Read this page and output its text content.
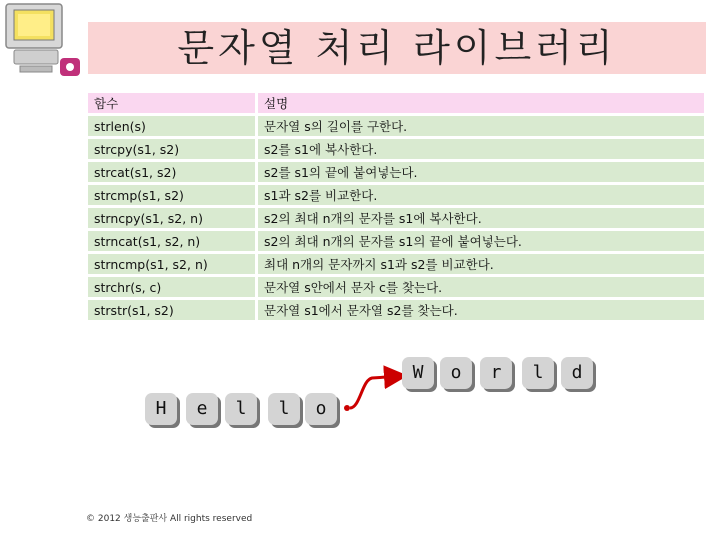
문자열 처리 라이브러리
함수	설명
strlen(s)	문자열 s의 길이를 구한다.
strcpy(s1, s2)	s2를 s1에 복사한다.
strcat(s1, s2)	s2를 s1의 끝에 붙여넣는다.
strcmp(s1, s2)	s1과 s2를 비교한다.
strncpy(s1, s2, n)	s2의 최대 n개의 문자를 s1에 복사한다.
strncat(s1, s2, n)	s2의 최대 n개의 문자를 s1의 끝에 붙여넣는다.
strncmp(s1, s2, n)	최대 n개의 문자까지 s1과 s2를 비교한다.
strchr(s, c)	문자열 s안에서 문자 c를 찾는다.
strstr(s1, s2)	문자열 s1에서 문자열 s2를 찾는다.
H	e	l	l	o
W	o	r	l	d
© 2012 생능출판사 All rights reserved
